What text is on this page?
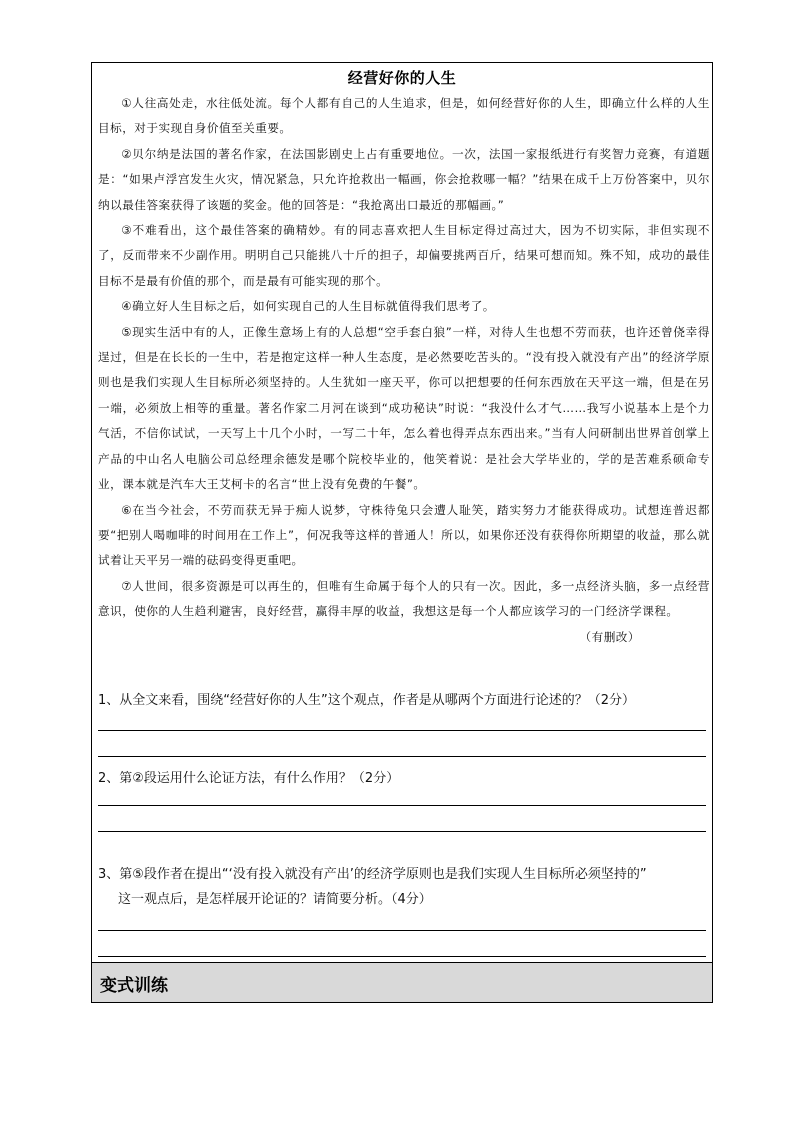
经营好你的人生

①人往高处走，水往低处流。每个人都有自己的人生追求，但是，如何经营好你的人生，即确立什么样的人生目标，对于实现自身价值至关重要。

②贝尔纳是法国的著名作家，在法国影剧史上占有重要地位。一次，法国一家报纸进行有奖智力竞赛，有道题是：“如果卢浮宫发生火灾，情况紧急，只允许抢救出一幅画，你会抢救哪一幅？”结果在成千上万份答案中，贝尔纳以最佳答案获得了该题的奖金。他的回答是：“我抢离出口最近的那幅画。”

③不难看出，这个最佳答案的确精妙。有的同志喜欢把人生目标定得过高过大，因为不切实际，非但实现不了，反而带来不少副作用。明明自己只能挑八十斤的担子，却偏要挑两百斤，结果可想而知。殊不知，成功的最佳目标不是最有价值的那个，而是最有可能实现的那个。

④确立好人生目标之后，如何实现自己的人生目标就值得我们思考了。

⑤现实生活中有的人，正像生意场上有的人总想“空手套白狼”一样，对待人生也想不劳而获，也许还曾侥幸得逞过，但是在长长的一生中，若是抱定这样一种人生态度，是必然要吃苦头的。“没有投入就没有产出”的经济学原则也是我们实现人生目标所必须坚持的。人生犹如一座天平，你可以把想要的任何东西放在天平这一端，但是在另一端，必须放上相等的重量。著名作家二月河在谈到“成功秘诀”时说：“我没什么才气……我写小说基本上是个力气活，不信你试试，一天写上十几个小时，一写二十年，怎么着也得弄点东西出来。”当有人问研制出世界首创掌上产品的中山名人电脑公司总经理余德发是哪个院校毕业的，他笑着说：是社会大学毕业的，学的是苦难系硕命专业，课本就是汽车大王艾柯卡的名言“世上没有免费的午餐”。

⑥在当今社会，不劳而获无异于痴人说梦，守株待兔只会遭人耻笑，踏实努力才能获得成功。试想连普迟都要“把别人喝咖啡的时间用在工作上”，何况我等这样的普通人！所以，如果你还没有获得你所期望的收益，那么就试着让天平另一端的砝码变得更重吧。

⑦人世间，很多资源是可以再生的，但唯有生命属于每个人的只有一次。因此，多一点经济头脑，多一点经营意识，使你的人生趋利避害，良好经营，赢得丰厚的收益，我想这是每一个人都应该学习的一门经济学课程。
（有删改）

1、从全文来看，围绕“经营好你的人生”这个观点，作者是从哪两个方面进行论述的？（2分）
2、第②段运用什么论证方法，有什么作用？（2分）
3、第⑤段作者在提出“‘没有投入就没有产出’的经济学原则也是我们实现人生目标所必须坚持的”
这一观点后，是怎样展开论证的？请简要分析。（4分）
变式训练
